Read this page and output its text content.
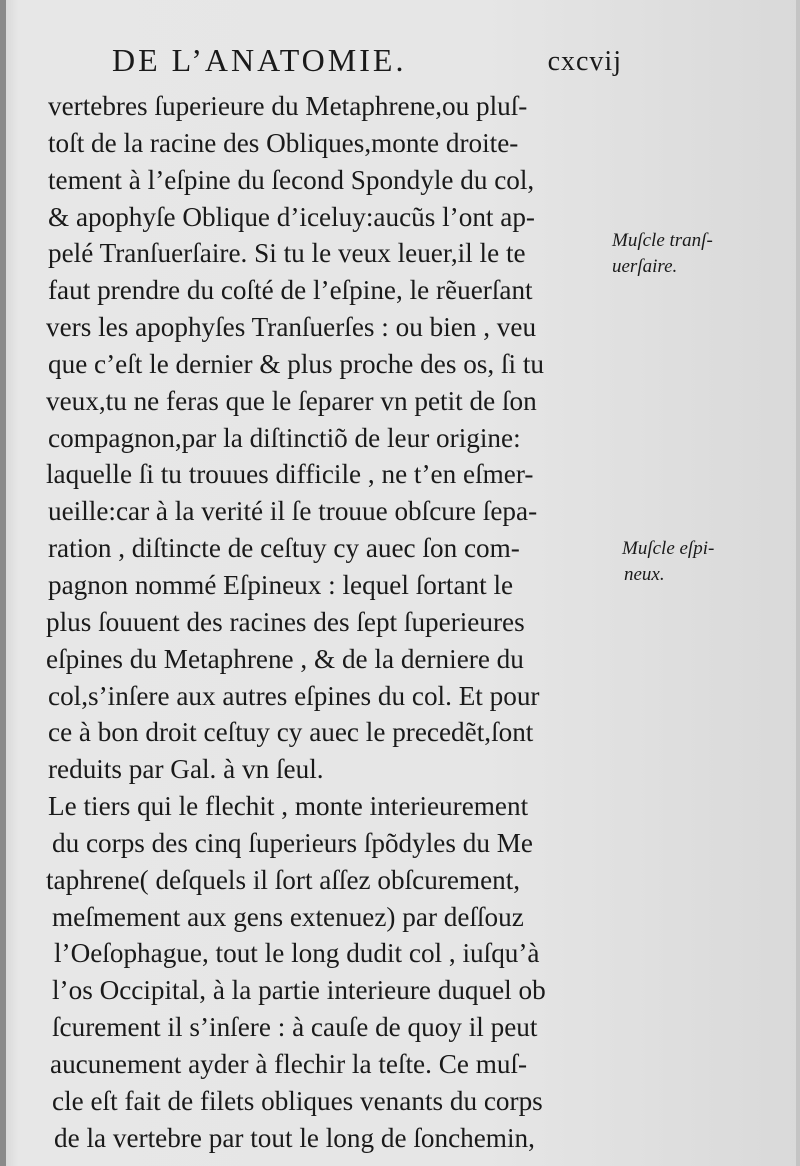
DE L’ANATOMIE.	cxcvij
vertebres ſuperieure du Metaphrene,ou pluſ-
toſt de la racine des Obliques,monte droite-
tement à l’eſpine du ſecond Spondyle du col,
& apophyſe Oblique d’iceluy:aucũs l’ont ap-
pelé Tranſuerſaire. Si tu le veux leuer,il le te
faut prendre du coſté de l’eſpine, le rẽuerſant
vers les apophyſes Tranſuerſes : ou bien , veu
que c’eſt le dernier & plus proche des os, ſi tu
veux,tu ne feras que le ſeparer vn petit de ſon
compagnon,par la diſtinctiõ de leur origine:
laquelle ſi tu trouues difficile , ne t’en eſmer-
ueille:car à la verité il ſe trouue obſcure ſepa-
ration , diſtincte de ceſtuy cy auec ſon com-
pagnon nommé Eſpineux : lequel ſortant le
plus ſouuent des racines des ſept ſuperieures
eſpines du Metaphrene , & de la derniere du
col,s’inſere aux autres eſpines du col. Et pour
ce à bon droit ceſtuy cy auec le precedẽt,ſont
reduits par Gal. à vn ſeul.
Le tiers qui le flechit , monte interieurement
du corps des cinq ſuperieurs ſpõdyles du Me
taphrene( deſquels il ſort aſſez obſcurement,
meſmement aux gens extenuez) par deſſouz
l’Oeſophague, tout le long dudit col , iuſqu’à
l’os Occipital, à la partie interieure duquel ob
ſcurement il s’inſere : à cauſe de quoy il peut
aucunement ayder à flechir la teſte. Ce muſ-
cle eſt fait de filets obliques venants du corps
de la vertebre par tout le long de ſonchemin,
Muſcle tranſ-
uerſaire.
Muſcle eſpi-
neux.
